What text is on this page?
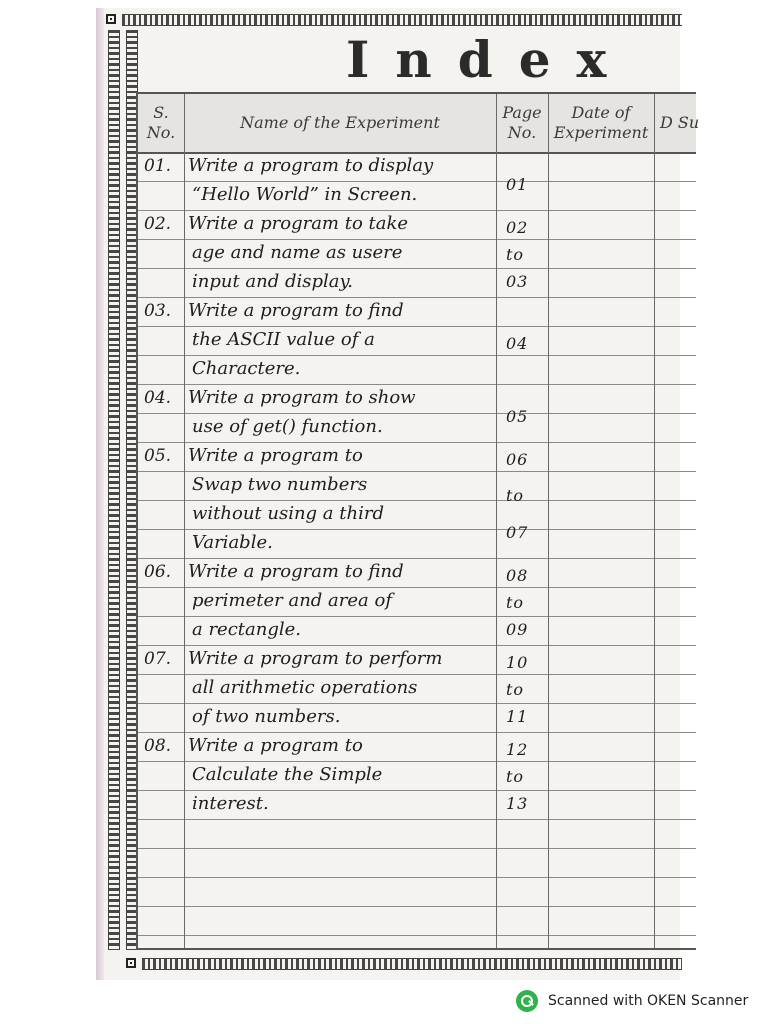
Index
S. No.
Name of the Experiment
Page No.
Date of Experiment
D Su
01. Write a program to display
“Hello World” in Screen.	01
02. Write a program to take
age and name as usere
input and display.
02
to
03
03. Write a program to find
the ASCII value of a
Charactere.
04
04. Write a program to show
use of get() function.	05
05. Write a program to
Swap two numbers
without using a third
Variable.
06
to
07
06. Write a program to find
perimeter and area of
a rectangle.
08
to
09
07. Write a program to perform
all arithmetic operations
of two numbers.
10
to
11
08. Write a program to
Calculate the Simple
interest.
12
to
13
Scanned with OKEN Scanner
